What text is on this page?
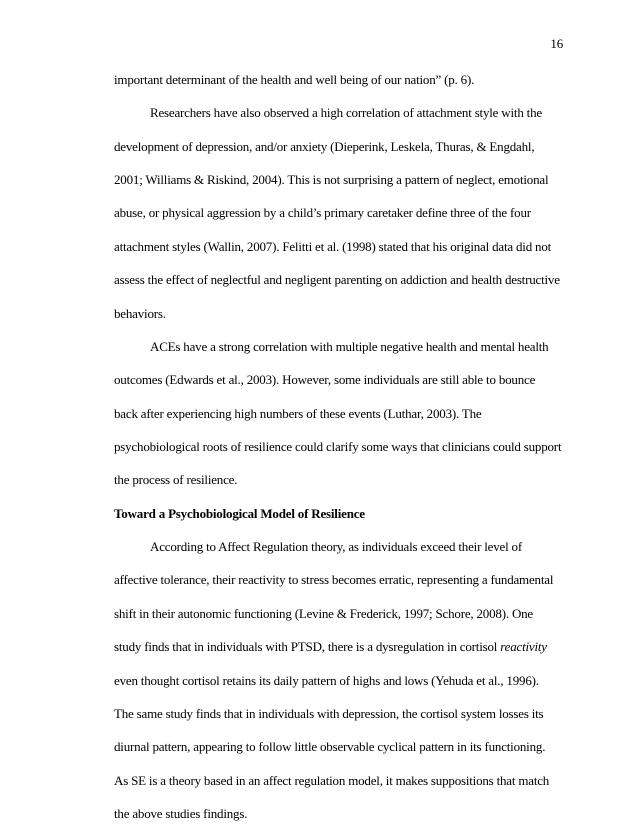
16
important determinant of the health and well being of our nation” (p. 6).
Researchers have also observed a high correlation of attachment style with the
development of depression, and/or anxiety (Dieperink, Leskela, Thuras, & Engdahl,
2001; Williams & Riskind, 2004). This is not surprising a pattern of neglect, emotional
abuse, or physical aggression by a child’s primary caretaker define three of the four
attachment styles (Wallin, 2007). Felitti et al. (1998) stated that his original data did not
assess the effect of neglectful and negligent parenting on addiction and health destructive
behaviors.
ACEs have a strong correlation with multiple negative health and mental health
outcomes (Edwards et al., 2003). However, some individuals are still able to bounce
back after experiencing high numbers of these events (Luthar, 2003). The
psychobiological roots of resilience could clarify some ways that clinicians could support
the process of resilience.
Toward a Psychobiological Model of Resilience
According to Affect Regulation theory, as individuals exceed their level of
affective tolerance, their reactivity to stress becomes erratic, representing a fundamental
shift in their autonomic functioning (Levine & Frederick, 1997; Schore, 2008). One
study finds that in individuals with PTSD, there is a dysregulation in cortisol reactivity
even thought cortisol retains its daily pattern of highs and lows (Yehuda et al., 1996).
The same study finds that in individuals with depression, the cortisol system losses its
diurnal pattern, appearing to follow little observable cyclical pattern in its functioning.
As SE is a theory based in an affect regulation model, it makes suppositions that match
the above studies findings.
